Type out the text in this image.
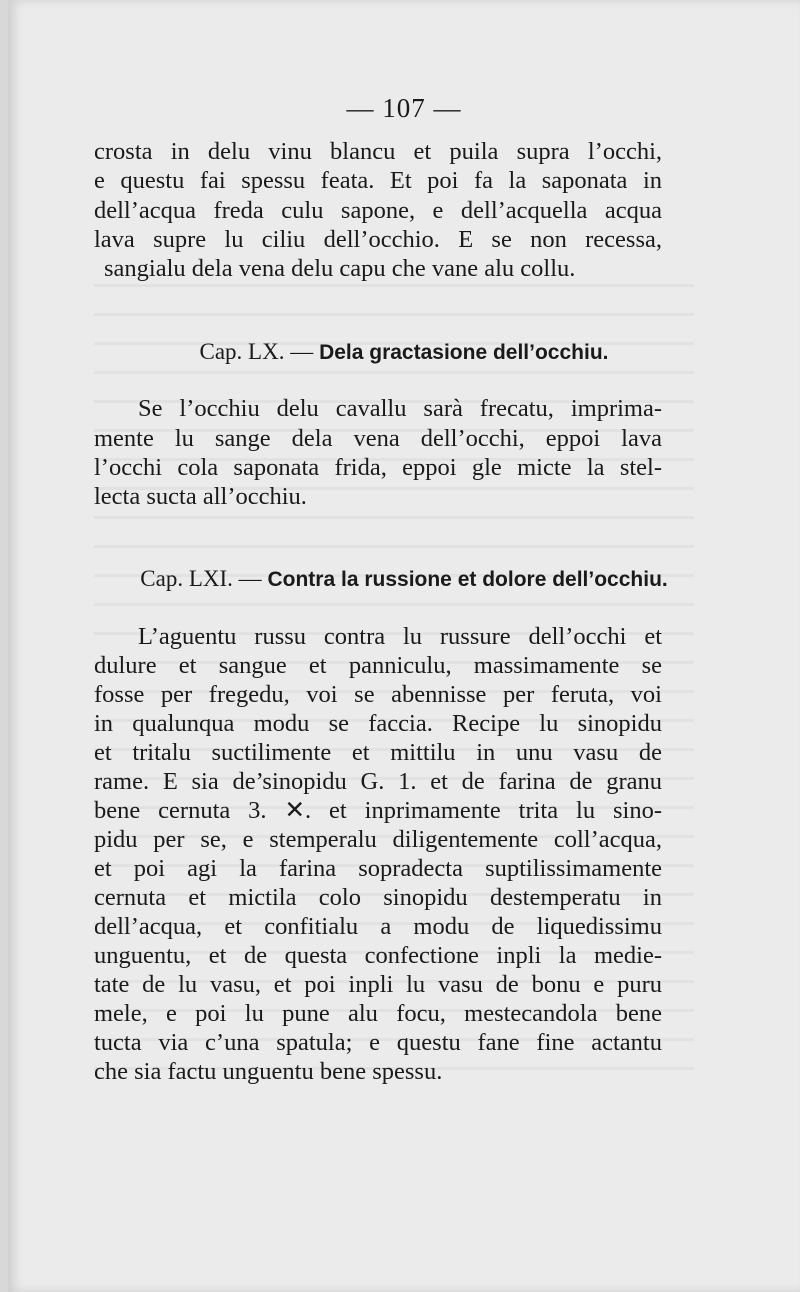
— 107 —
crosta in delu vinu blancu et puila supra l’occhi,
e questu fai spessu feata. Et poi fa la saponata in
dell’acqua freda culu sapone, e dell’acquella acqua
lava supre lu ciliu dell’occhio. E se non recessa,
sangialu dela vena delu capu che vane alu collu.
Cap. LX. — Dela gractasione dell’occhiu.
Se l’occhiu delu cavallu sarà frecatu, imprima-
mente lu sange dela vena dell’occhi, eppoi lava
l’occhi cola saponata frida, eppoi gle micte la stel-
lecta sucta all’occhiu.
Cap. LXI. — Contra la russione et dolore dell’occhiu.
L’aguentu russu contra lu russure dell’occhi et
dulure et sangue et panniculu, massimamente se
fosse per fregedu, voi se abennisse per feruta, voi
in qualunqua modu se faccia. Recipe lu sinopidu
et tritalu suctilimente et mittilu in unu vasu de
rame. E sia de’sinopidu G. 1. et de farina de granu
bene cernuta 3. ✕. et inprimamente trita lu sino-
pidu per se, e stemperalu diligentemente coll’acqua,
et poi agi la farina sopradecta suptilissimamente
cernuta et mictila colo sinopidu destemperatu in
dell’acqua, et confitialu a modu de liquedissimu
unguentu, et de questa confectione inpli la medie-
tate de lu vasu, et poi inpli lu vasu de bonu e puru
mele, e poi lu pune alu focu, mestecandola bene
tucta via c’una spatula; e questu fane fine actantu
che sia factu unguentu bene spessu.
